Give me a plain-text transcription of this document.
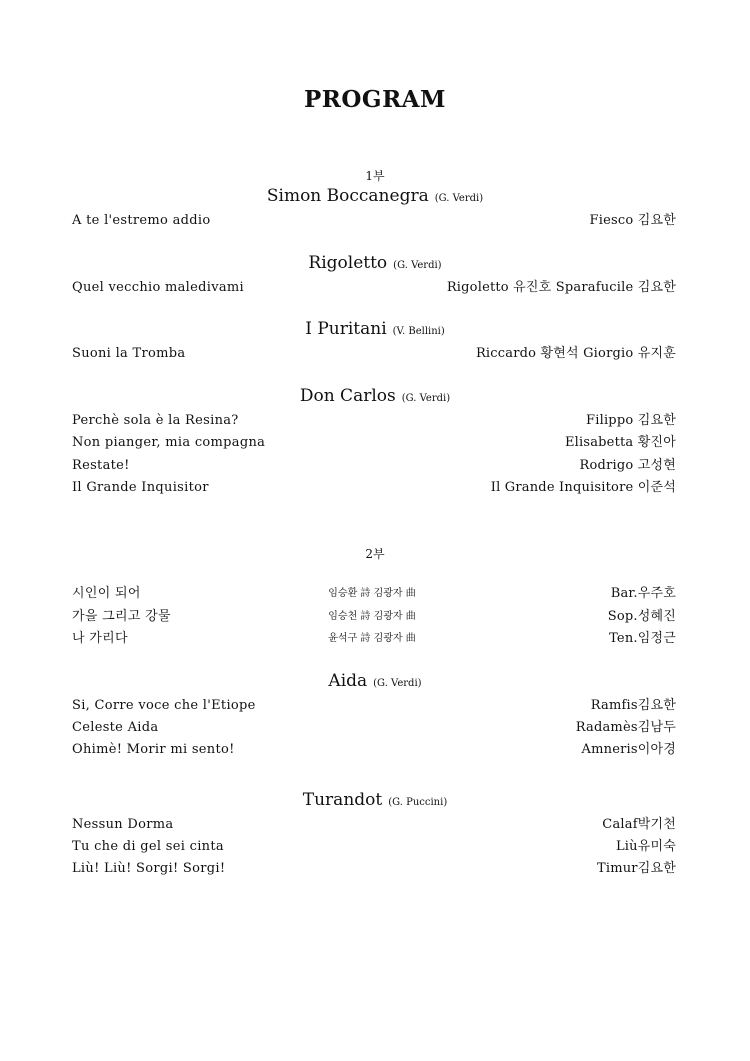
PROGRAM
1부
Simon Boccanegra (G. Verdi)
A te l'estremo addio	Fiesco 김요한
Rigoletto (G. Verdi)
Quel vecchio maledivami	Rigoletto 유진호 Sparafucile 김요한
I Puritani (V. Bellini)
Suoni la Tromba	Riccardo 황현석 Giorgio 유지훈
Don Carlos (G. Verdi)
Perchè sola è la Resina?	Filippo 김요한
Non pianger, mia compagna	Elisabetta 황진아
Restate!	Rodrigo 고성현
Il Grande Inquisitor	Il Grande Inquisitore 이준석
2부
시인이 되어	임승환 詩 김광자 曲	Bar.우주호
가을 그리고 강물	임승천 詩 김광자 曲	Sop.성혜진
나 가리다	윤석구 詩 김광자 曲	Ten.임정근
Aida (G. Verdi)
Si, Corre voce che l'Etiope	Ramfis김요한
Celeste Aida	Radamès김남두
Ohimè! Morir mi sento!	Amneris이아경
Turandot (G. Puccini)
Nessun Dorma	Calaf박기천
Tu che di gel sei cinta	Liù유미숙
Liù! Liù! Sorgi! Sorgi!	Timur김요한
